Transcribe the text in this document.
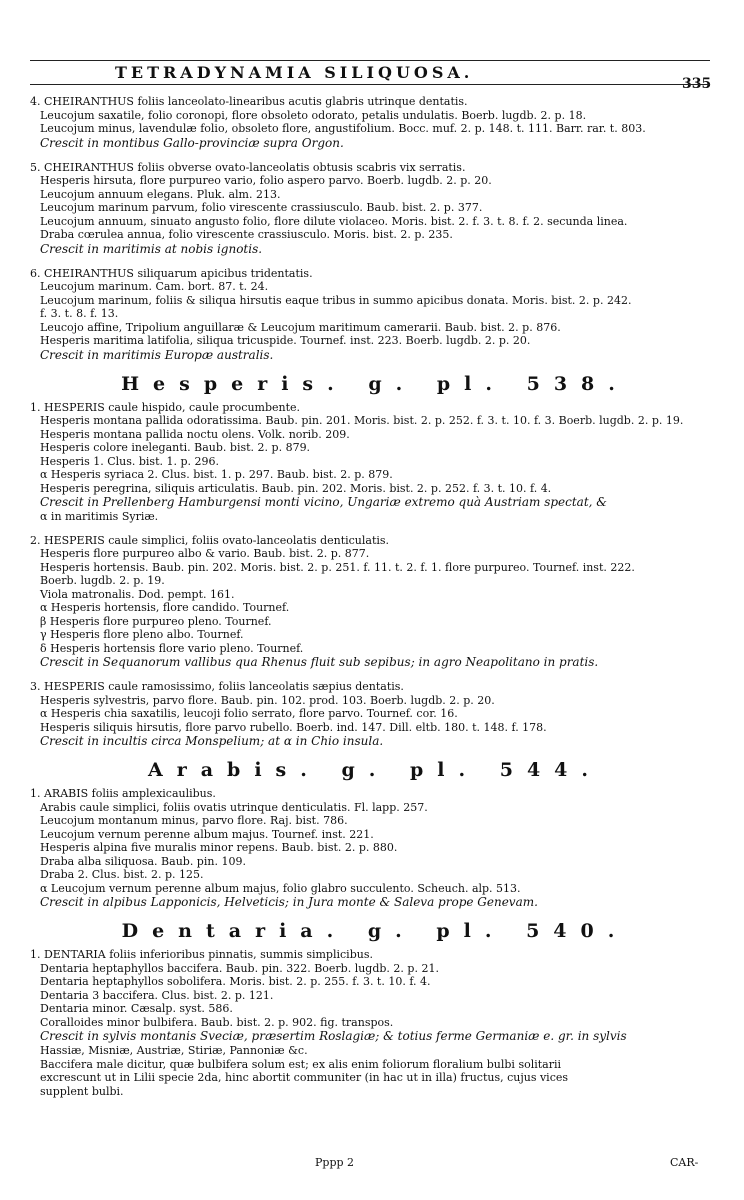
TETRADYNAMIA SILIQUOSA.
335
4. CHEIRANTHUS foliis lanceolato-linearibus acutis glabris utrinque dentatis.
Leucojum saxatile, folio coronopi, flore obsoleto odorato, petalis undulatis. Boerb. lugdb. 2. p. 18.
Leucojum minus, lavendulæ folio, obsoleto flore, angustifolium. Bocc. muf. 2. p. 148. t. 111. Barr. rar. t. 803.
Crescit in montibus Gallo-provinciæ supra Orgon.
5. CHEIRANTHUS foliis obverse ovato-lanceolatis obtusis scabris vix serratis.
Hesperis hirsuta, flore purpureo vario, folio aspero parvo. Boerb. lugdb. 2. p. 20.
Leucojum annuum elegans. Pluk. alm. 213.
Leucojum marinum parvum, folio virescente crassiusculo. Baub. bist. 2. p. 377.
Leucojum annuum, sinuato angusto folio, flore dilute violaceo. Moris. bist. 2. f. 3. t. 8. f. 2. secunda linea.
Draba cœrulea annua, folio virescente crassiusculo. Moris. bist. 2. p. 235.
Crescit in maritimis at nobis ignotis.
6. CHEIRANTHUS siliquarum apicibus tridentatis.
Leucojum marinum. Cam. bort. 87. t. 24.
Leucojum marinum, foliis & siliqua hirsutis eaque tribus in summo apicibus donata. Moris. bist. 2. p. 242.
f. 3. t. 8. f. 13.
Leucojo affine, Tripolium anguillaræ & Leucojum maritimum camerarii. Baub. bist. 2. p. 876.
Hesperis maritima latifolia, siliqua tricuspide. Tournef. inst. 223. Boerb. lugdb. 2. p. 20.
Crescit in maritimis Europæ australis.
Hesperis. g. pl. 538.
1. HESPERIS caule hispido, caule procumbente.
Hesperis montana pallida odoratissima. Baub. pin. 201. Moris. bist. 2. p. 252. f. 3. t. 10. f. 3. Boerb. lugdb. 2. p. 19.
Hesperis montana pallida noctu olens. Volk. norib. 209.
Hesperis colore ineleganti. Baub. bist. 2. p. 879.
Hesperis 1. Clus. bist. 1. p. 296.
α Hesperis syriaca 2. Clus. bist. 1. p. 297. Baub. bist. 2. p. 879.
Hesperis peregrina, siliquis articulatis. Baub. pin. 202. Moris. bist. 2. p. 252. f. 3. t. 10. f. 4.
Crescit in Prellenberg Hamburgensi monti vicino, Ungariæ extremo quà Austriam spectat, &
α in maritimis Syriæ.
2. HESPERIS caule simplici, foliis ovato-lanceolatis denticulatis.
Hesperis flore purpureo albo & vario. Baub. bist. 2. p. 877.
Hesperis hortensis. Baub. pin. 202. Moris. bist. 2. p. 251. f. 11. t. 2. f. 1. flore purpureo. Tournef. inst. 222.
Boerb. lugdb. 2. p. 19.
Viola matronalis. Dod. pempt. 161.
α Hesperis hortensis, flore candido. Tournef.
β Hesperis flore purpureo pleno. Tournef.
γ Hesperis flore pleno albo. Tournef.
δ Hesperis hortensis flore vario pleno. Tournef.
Crescit in Sequanorum vallibus qua Rhenus fluit sub sepibus; in agro Neapolitano in pratis.
3. HESPERIS caule ramosissimo, foliis lanceolatis sæpius dentatis.
Hesperis sylvestris, parvo flore. Baub. pin. 102. prod. 103. Boerb. lugdb. 2. p. 20.
α Hesperis chia saxatilis, leucoji folio serrato, flore parvo. Tournef. cor. 16.
Hesperis siliquis hirsutis, flore parvo rubello. Boerb. ind. 147. Dill. eltb. 180. t. 148. f. 178.
Crescit in incultis circa Monspelium; at α in Chio insula.
Arabis. g. pl. 544.
1. ARABIS foliis amplexicaulibus.
Arabis caule simplici, foliis ovatis utrinque denticulatis. Fl. lapp. 257.
Leucojum montanum minus, parvo flore. Raj. bist. 786.
Leucojum vernum perenne album majus. Tournef. inst. 221.
Hesperis alpina five muralis minor repens. Baub. bist. 2. p. 880.
Draba alba siliquosa. Baub. pin. 109.
Draba 2. Clus. bist. 2. p. 125.
α Leucojum vernum perenne album majus, folio glabro succulento. Scheuch. alp. 513.
Crescit in alpibus Lapponicis, Helveticis; in Jura monte & Saleva prope Genevam.
Dentaria. g. pl. 540.
1. DENTARIA foliis inferioribus pinnatis, summis simplicibus.
Dentaria heptaphyllos baccifera. Baub. pin. 322. Boerb. lugdb. 2. p. 21.
Dentaria heptaphyllos sobolifera. Moris. bist. 2. p. 255. f. 3. t. 10. f. 4.
Dentaria 3 baccifera. Clus. bist. 2. p. 121.
Dentaria minor. Cæsalp. syst. 586.
Coralloides minor bulbifera. Baub. bist. 2. p. 902. fig. transpos.
Crescit in sylvis montanis Sveciæ, præsertim Roslagiæ; & totius ferme Germaniæ e. gr. in sylvis
Hassiæ, Misniæ, Austriæ, Stiriæ, Pannoniæ &c.
Baccifera male dicitur, quæ bulbifera solum est; ex alis enim foliorum floralium bulbi solitarii
excrescunt ut in Lilii specie 2da, hinc abortit communiter (in hac ut in illa) fructus, cujus vices
supplent bulbi.
Pppp 2	CAR-
